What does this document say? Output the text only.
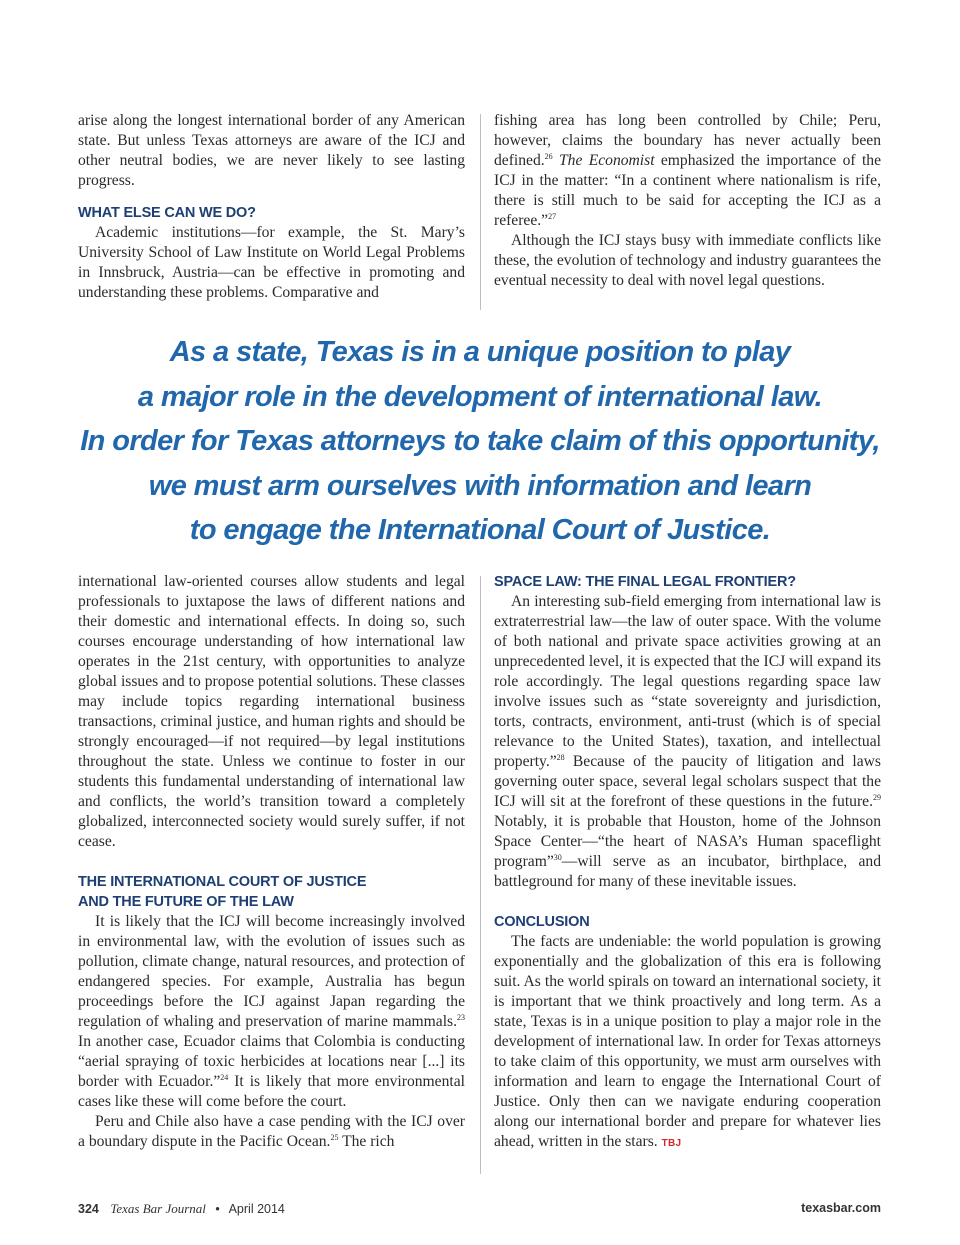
arise along the longest international border of any American state. But unless Texas attorneys are aware of the ICJ and other neutral bodies, we are never likely to see lasting progress.

WHAT ELSE CAN WE DO?

Academic institutions—for example, the St. Mary’s University School of Law Institute on World Legal Problems in Innsbruck, Austria—can be effective in promoting and understanding these problems. Comparative and

fishing area has long been controlled by Chile; Peru, however, claims the boundary has never actually been defined.$^{26}$ The Economist emphasized the importance of the ICJ in the matter: “In a continent where nationalism is rife, there is still much to be said for accepting the ICJ as a referee.”$^{27}$

Although the ICJ stays busy with immediate conflicts like these, the evolution of technology and industry guarantees the eventual necessity to deal with novel legal questions.

As a state, Texas is in a unique position to play
a major role in the development of international law.
In order for Texas attorneys to take claim of this opportunity,
we must arm ourselves with information and learn
to engage the International Court of Justice.

international law-oriented courses allow students and legal professionals to juxtapose the laws of different nations and their domestic and international effects. In doing so, such courses encourage understanding of how international law operates in the 21st century, with opportunities to analyze global issues and to propose potential solutions. These classes may include topics regarding international business transactions, criminal justice, and human rights and should be strongly encouraged—if not required—by legal institutions throughout the state. Unless we continue to foster in our students this fundamental understanding of international law and conflicts, the world’s transition toward a completely globalized, interconnected society would surely suffer, if not cease.

THE INTERNATIONAL COURT OF JUSTICE
AND THE FUTURE OF THE LAW

It is likely that the ICJ will become increasingly involved in environmental law, with the evolution of issues such as pollution, climate change, natural resources, and protection of endangered species. For example, Australia has begun proceedings before the ICJ against Japan regarding the regulation of whaling and preservation of marine mammals.$^{23}$ In another case, Ecuador claims that Colombia is conducting “aerial spraying of toxic herbicides at locations near [...] its border with Ecuador.”$^{24}$ It is likely that more environmental cases like these will come before the court.

Peru and Chile also have a case pending with the ICJ over a boundary dispute in the Pacific Ocean.$^{25}$ The rich

SPACE LAW: THE FINAL LEGAL FRONTIER?

An interesting sub-field emerging from international law is extraterrestrial law—the law of outer space. With the volume of both national and private space activities growing at an unprecedented level, it is expected that the ICJ will expand its role accordingly. The legal questions regarding space law involve issues such as “state sovereignty and jurisdiction, torts, contracts, environment, anti-trust (which is of special relevance to the United States), taxation, and intellectual property.”$^{28}$ Because of the paucity of litigation and laws governing outer space, several legal scholars suspect that the ICJ will sit at the forefront of these questions in the future.$^{29}$ Notably, it is probable that Houston, home of the Johnson Space Center—“the heart of NASA’s Human spaceflight program”$^{30}$—will serve as an incubator, birthplace, and battleground for many of these inevitable issues.

CONCLUSION

The facts are undeniable: the world population is growing exponentially and the globalization of this era is following suit. As the world spirals on toward an international society, it is important that we think proactively and long term. As a state, Texas is in a unique position to play a major role in the development of international law. In order for Texas attorneys to take claim of this opportunity, we must arm ourselves with information and learn to engage the International Court of Justice. Only then can we navigate enduring cooperation along our international border and prepare for whatever lies ahead, written in the stars. TBJ

324 Texas Bar Journal • April 2014	texasbar.com
